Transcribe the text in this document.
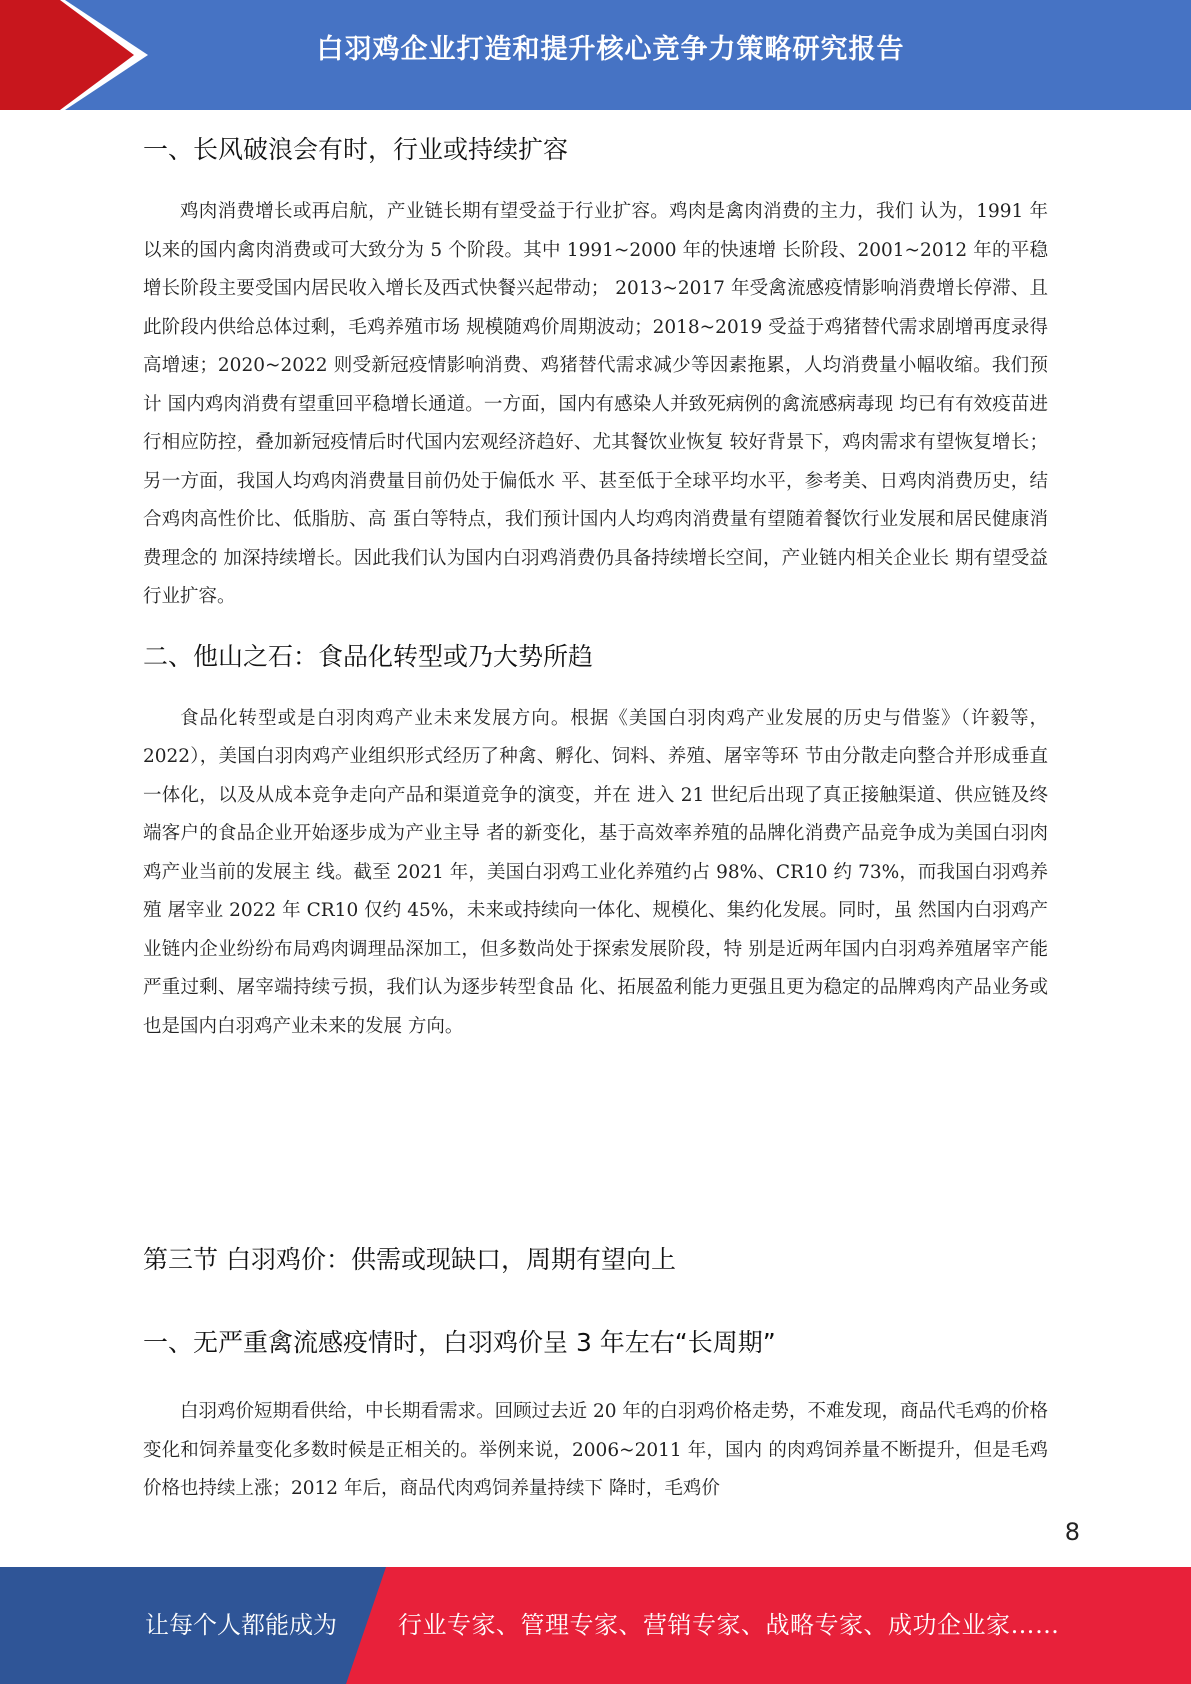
白羽鸡企业打造和提升核心竞争力策略研究报告
一、长风破浪会有时，行业或持续扩容

鸡肉消费增长或再启航，产业链长期有望受益于行业扩容。鸡肉是禽肉消费的主力，我们 认为，1991 年以来的国内禽肉消费或可大致分为 5 个阶段。其中 1991~2000 年的快速增 长阶段、2001~2012 年的平稳增长阶段主要受国内居民收入增长及西式快餐兴起带动； 2013~2017 年受禽流感疫情影响消费增长停滞、且此阶段内供给总体过剩，毛鸡养殖市场 规模随鸡价周期波动；2018~2019 受益于鸡猪替代需求剧增再度录得高增速；2020~2022 则受新冠疫情影响消费、鸡猪替代需求减少等因素拖累，人均消费量小幅收缩。我们预计 国内鸡肉消费有望重回平稳增长通道。一方面，国内有感染人并致死病例的禽流感病毒现 均已有有效疫苗进行相应防控，叠加新冠疫情后时代国内宏观经济趋好、尤其餐饮业恢复 较好背景下，鸡肉需求有望恢复增长；另一方面，我国人均鸡肉消费量目前仍处于偏低水 平、甚至低于全球平均水平，参考美、日鸡肉消费历史，结合鸡肉高性价比、低脂肪、高 蛋白等特点，我们预计国内人均鸡肉消费量有望随着餐饮行业发展和居民健康消费理念的 加深持续增长。因此我们认为国内白羽鸡消费仍具备持续增长空间，产业链内相关企业长 期有望受益行业扩容。

二、他山之石：食品化转型或乃大势所趋

食品化转型或是白羽肉鸡产业未来发展方向。根据《美国白羽肉鸡产业发展的历史与借鉴》（许毅等，2022），美国白羽肉鸡产业组织形式经历了种禽、孵化、饲料、养殖、屠宰等环 节由分散走向整合并形成垂直一体化，以及从成本竞争走向产品和渠道竞争的演变，并在 进入 21 世纪后出现了真正接触渠道、供应链及终端客户的食品企业开始逐步成为产业主导 者的新变化，基于高效率养殖的品牌化消费产品竞争成为美国白羽肉鸡产业当前的发展主 线。截至 2021 年，美国白羽鸡工业化养殖约占 98%、CR10 约 73%，而我国白羽鸡养殖 屠宰业 2022 年 CR10 仅约 45%，未来或持续向一体化、规模化、集约化发展。同时，虽 然国内白羽鸡产业链内企业纷纷布局鸡肉调理品深加工，但多数尚处于探索发展阶段，特 别是近两年国内白羽鸡养殖屠宰产能严重过剩、屠宰端持续亏损，我们认为逐步转型食品 化、拓展盈利能力更强且更为稳定的品牌鸡肉产品业务或也是国内白羽鸡产业未来的发展 方向。

第三节 白羽鸡价：供需或现缺口，周期有望向上
一、无严重禽流感疫情时，白羽鸡价呈 3 年左右“长周期”

白羽鸡价短期看供给，中长期看需求。回顾过去近 20 年的白羽鸡价格走势，不难发现，商品代毛鸡的价格变化和饲养量变化多数时候是正相关的。举例来说，2006~2011 年，国内 的肉鸡饲养量不断提升，但是毛鸡价格也持续上涨；2012 年后，商品代肉鸡饲养量持续下 降时，毛鸡价

8
让每个人都能成为	行业专家、管理专家、营销专家、战略专家、成功企业家……
